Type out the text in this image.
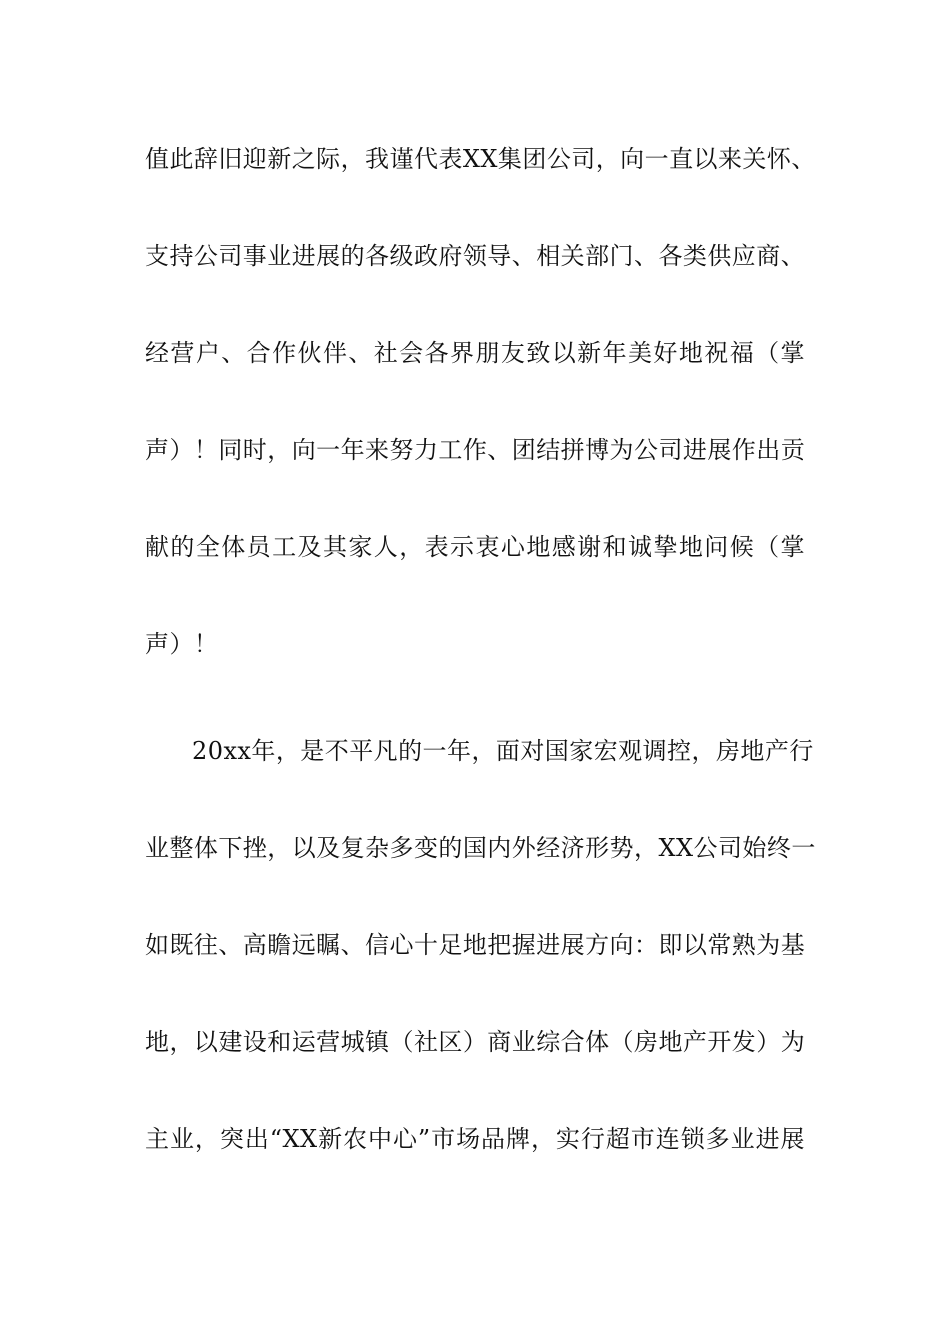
值此辞旧迎新之际，我谨代表XX集团公司，向一直以来关怀、
支持公司事业进展的各级政府领导、相关部门、各类供应商、
经营户、合作伙伴、社会各界朋友致以新年美好地祝福（掌
声）！同时，向一年来努力工作、团结拼博为公司进展作出贡
献的全体员工及其家人，表示衷心地感谢和诚挚地问候（掌
声）！
20xx年，是不平凡的一年，面对国家宏观调控，房地产行
业整体下挫，以及复杂多变的国内外经济形势，XX公司始终一
如既往、高瞻远瞩、信心十足地把握进展方向：即以常熟为基
地，以建设和运营城镇（社区）商业综合体（房地产开发）为
主业，突出“XX新农中心”市场品牌，实行超市连锁多业进展
